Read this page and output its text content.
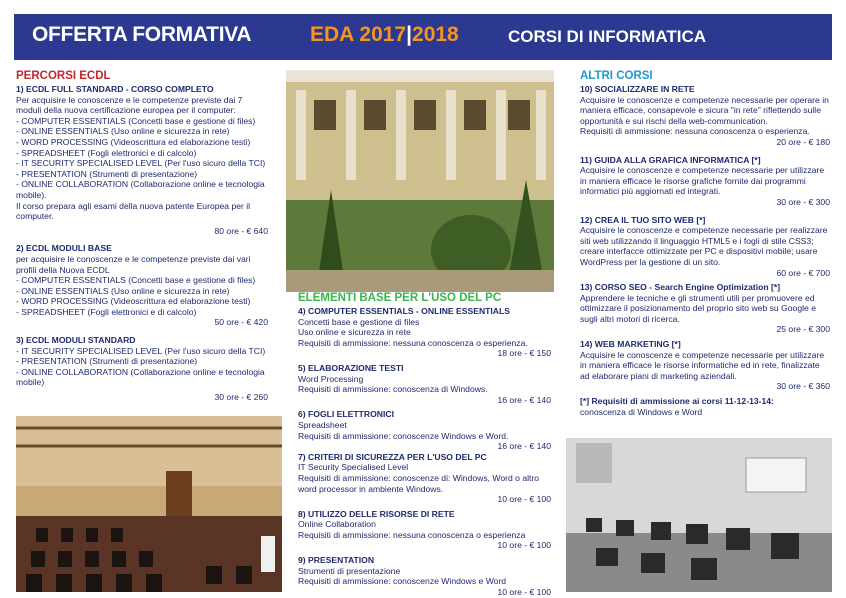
OFFERTA FORMATIVA	EDA 2017|2018	CORSI DI INFORMATICA
PERCORSI ECDL
1) ECDL FULL STANDARD - CORSO COMPLETO

Per acquisire le conoscenze e le competenze previste dai 7 moduli della nuova certificazione europea per il computer:

- COMPUTER ESSENTIALS (Concetti base e gestione di files)
- ONLINE ESSENTIALS (Uso online e sicurezza in rete)
- WORD PROCESSING (Videoscrittura ed elaborazione testi)
- SPREADSHEET (Fogli elettronici e di calcolo)
- IT SECURITY SPECIALISED LEVEL (Per l'uso sicuro della TCI)
- PRESENTATION (Strumenti di presentazione)
- ONLINE COLLABORATION (Collaborazione online e tecnologia mobile).

Il corso prepara agli esami della nuova patente Europea per il computer.

80 ore - € 640
2) ECDL MODULI BASE

per acquisire le conoscenze e le competenze previste dai vari profili della Nuova ECDL

- COMPUTER ESSENTIALS (Concetti base e gestione di files)
- ONLINE ESSENTIALS (Uso online e sicurezza in rete)
- WORD PROCESSING (Videoscrittura ed elaborazione testi)
- SPREADSHEET (Fogli elettronici e di calcolo)
50 ore - € 420
3) ECDL MODULI STANDARD
- IT SECURITY SPECIALISED LEVEL (Per l'uso sicuro della TCI)
- PRESENTATION (Strumenti di presentazione)
- ONLINE COLLABORATION (Collaborazione online e tecnologia mobile)
30 ore - € 260
ELEMENTI BASE PER L'USO DEL PC
4) COMPUTER ESSENTIALS - ONLINE ESSENTIALS
Concetti base e gestione di files
Uso online e sicurezza in rete
Requisiti di ammissione: nessuna conoscenza o esperienza.
18 ore - € 150
5) ELABORAZIONE TESTI
Word Processing
Requisiti di ammissione: conoscenza di Windows.
16 ore - € 140
6) FOGLI ELETTRONICI
Spreadsheet
Requisiti di ammissione: conoscenze Windows e Word.
16 ore - € 140
7) CRITERI DI SICUREZZA PER L'USO DEL PC
IT Security Specialised Level
Requisiti di ammissione: conoscenze di: Windows, Word o altro word processor in ambiente Windows.
10 ore - € 100
8) UTILIZZO DELLE RISORSE DI RETE
Online Collaboration
Requisiti di ammissione: nessuna conoscenza o esperienza
10 ore - € 100
9) PRESENTATION
Strumenti di presentazione
Requisiti di ammissione: conoscenze Windows e Word
10 ore - € 100
ALTRI CORSI
10) SOCIALIZZARE IN RETE

Acquisire le conoscenze e competenze necessarie per operare in maniera efficace, consapevole e sicura "in rete" riflettendo sulle opportunità e sui rischi della web-communication.

Requisiti di ammissione: nessuna conoscenza o esperienza.
20 ore - € 180
11) GUIDA ALLA GRAFICA INFORMATICA [*]

Acquisire le conoscenze e competenze necessarie per utilizzare in maniera efficace le risorse grafiche fornite dai programmi informatici più aggiornati ed integrati.

30 ore - € 300
12) CREA IL TUO SITO WEB [*]

Acquisire le conoscenze e competenze necessarie per realizzare siti web utilizzando il linguaggio HTML5 e i fogli di stile CSS3; creare interfacce ottimizzate per PC e dispositivi mobile; usare WordPress per la gestione di un sito.

60 ore - € 700
13) CORSO SEO - Search Engine Optimization [*]

Apprendere le tecniche e gli strumenti utili per promuovere ed ottimizzare il posizionamento del proprio sito web su Google e sugli altri motori di ricerca.

25 ore - € 300
14) WEB MARKETING [*]

Acquisire le conoscenze e competenze necessarie per utilizzare in maniera efficace le risorse informatiche ed in rete, finalizzate ad elaborare piani di marketing aziendali.

30 ore - € 360
[*] Requisiti di ammissione ai corsi 11-12-13-14:
conoscenza di Windows e Word
